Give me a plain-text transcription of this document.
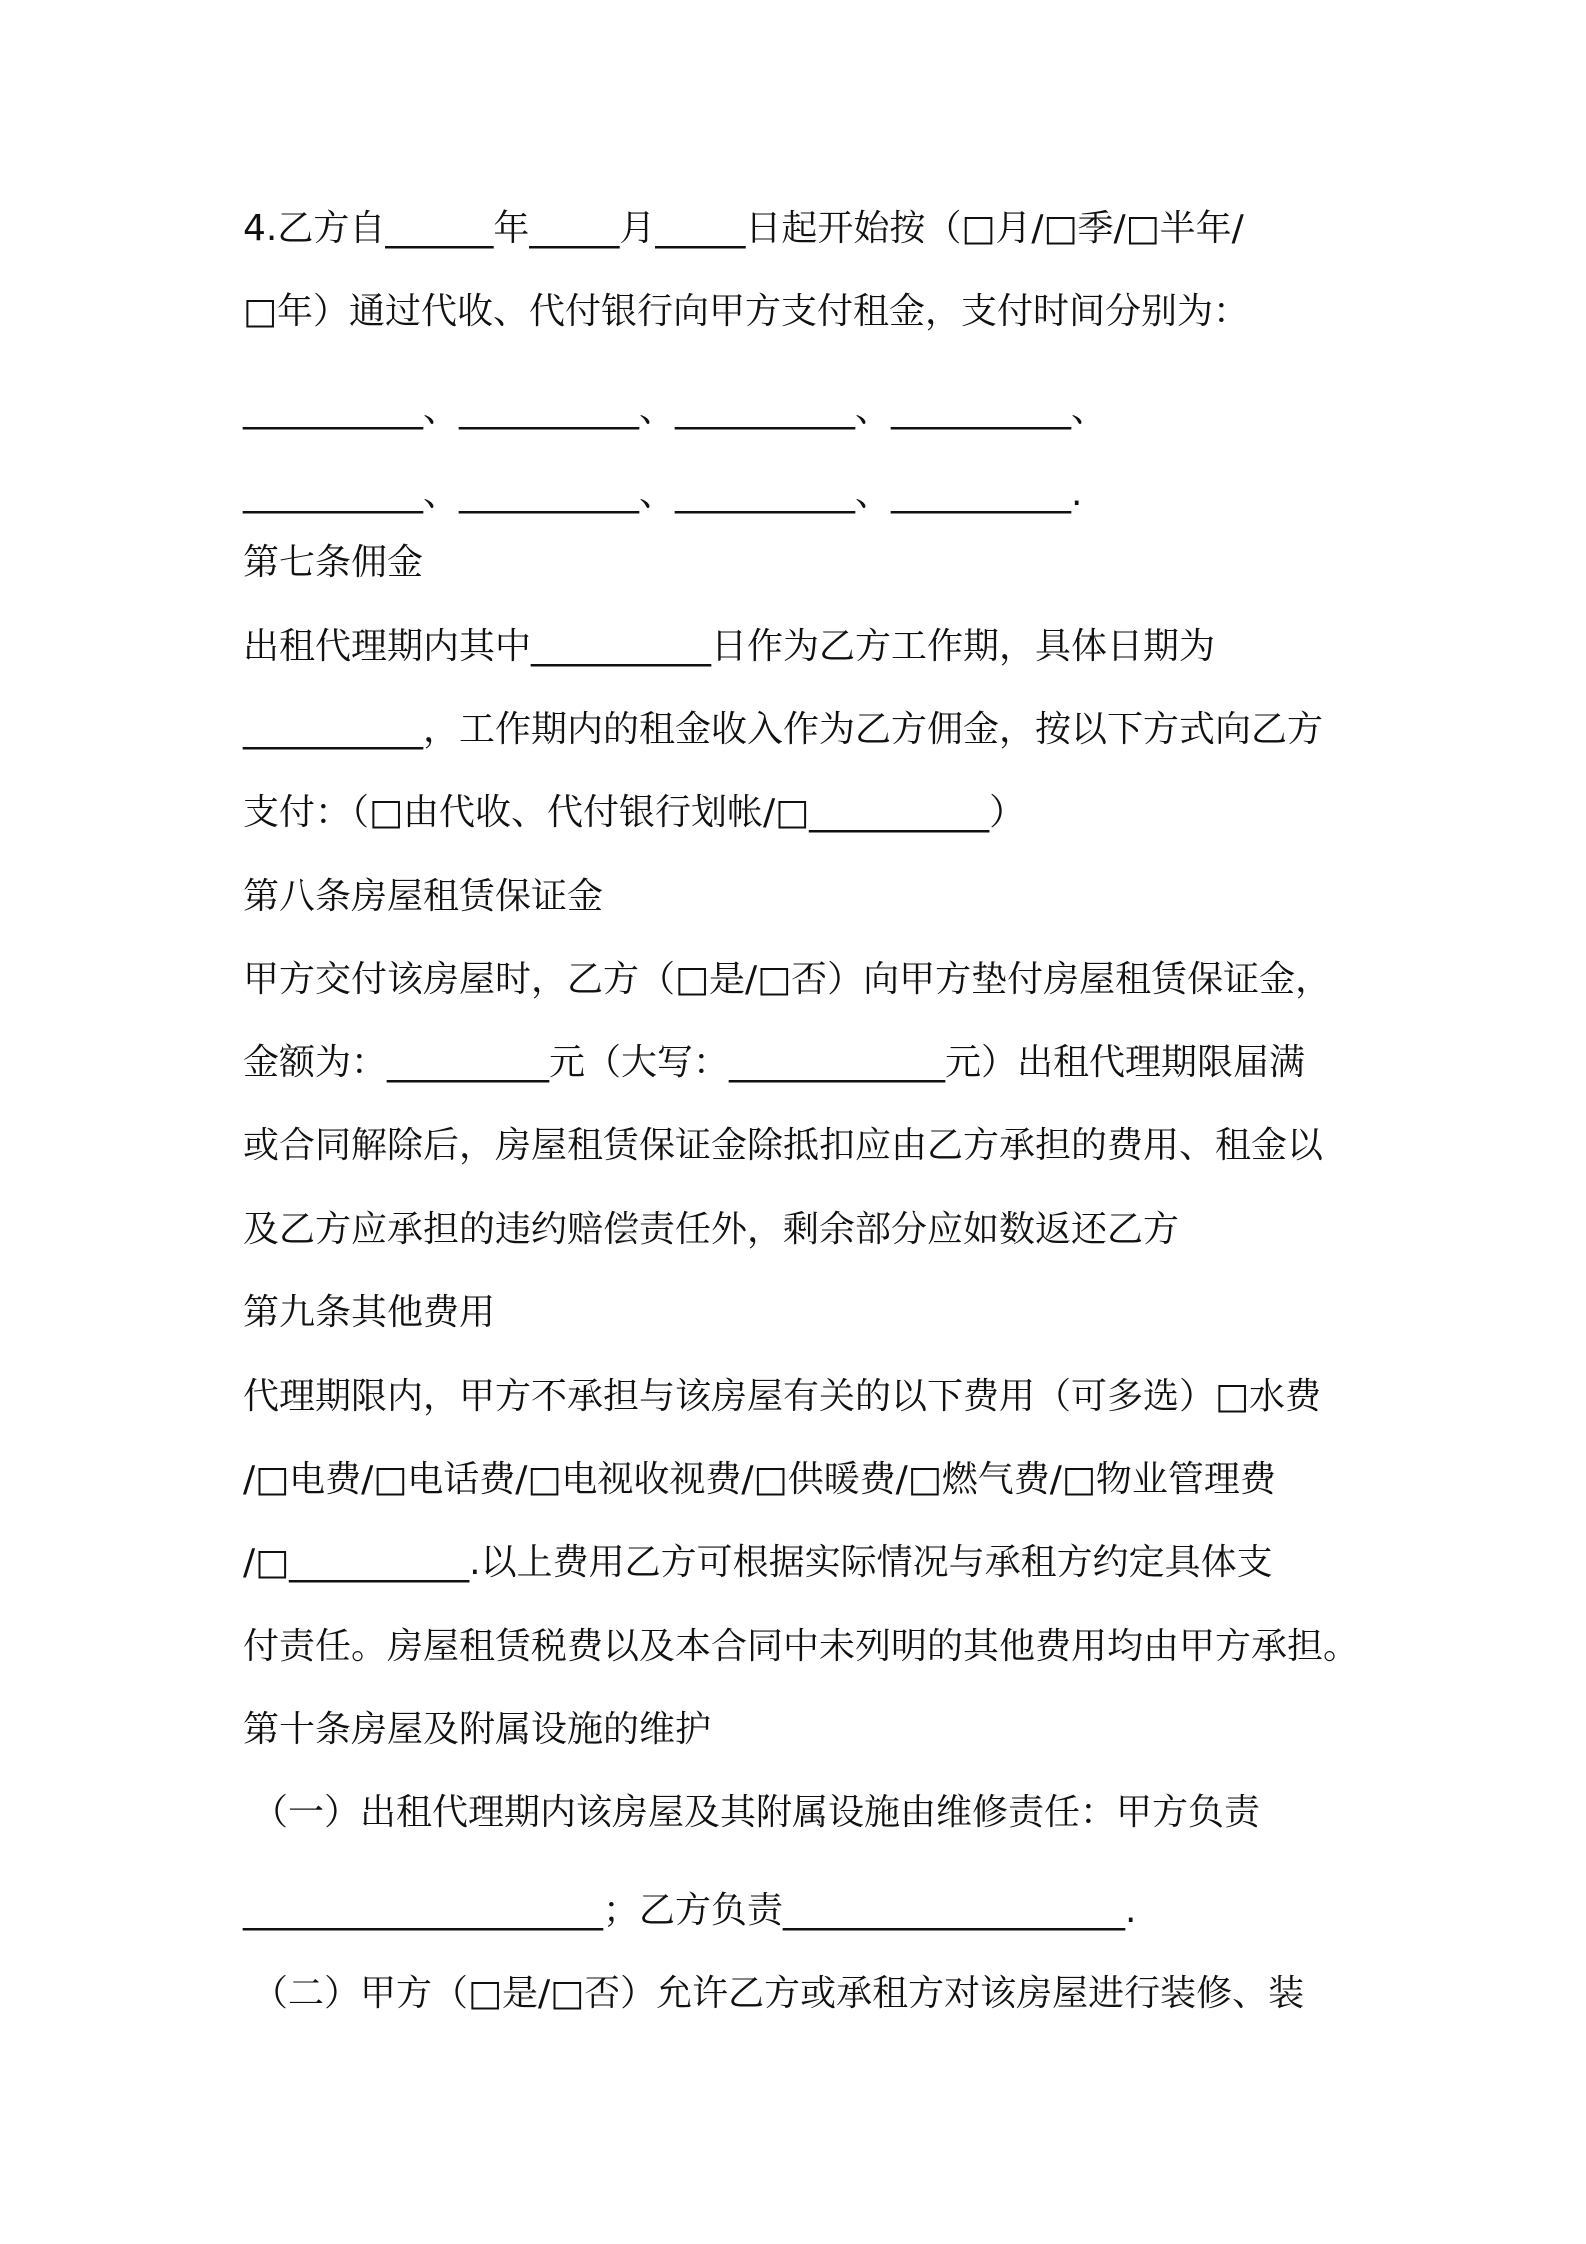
4.乙方自______年_____月_____日起开始按（□月/□季/□半年/
□年）通过代收、代付银行向甲方支付租金，支付时间分别为：
__________、__________、__________、__________、
__________、__________、__________、__________.
第七条佣金
出租代理期内其中__________日作为乙方工作期，具体日期为
__________，工作期内的租金收入作为乙方佣金，按以下方式向乙方
支付：（□由代收、代付银行划帐/□__________）
第八条房屋租赁保证金
甲方交付该房屋时，乙方（□是/□否）向甲方垫付房屋租赁保证金，
金额为：_________元（大写：____________元）出租代理期限届满
或合同解除后，房屋租赁保证金除抵扣应由乙方承担的费用、租金以
及乙方应承担的违约赔偿责任外，剩余部分应如数返还乙方
第九条其他费用
代理期限内，甲方不承担与该房屋有关的以下费用（可多选）□水费
/□电费/□电话费/□电视收视费/□供暖费/□燃气费/□物业管理费
/□__________.以上费用乙方可根据实际情况与承租方约定具体支
付责任。房屋租赁税费以及本合同中未列明的其他费用均由甲方承担。
第十条房屋及附属设施的维护
（一）出租代理期内该房屋及其附属设施由维修责任：甲方负责
____________________；乙方负责___________________.
（二）甲方（□是/□否）允许乙方或承租方对该房屋进行装修、装
